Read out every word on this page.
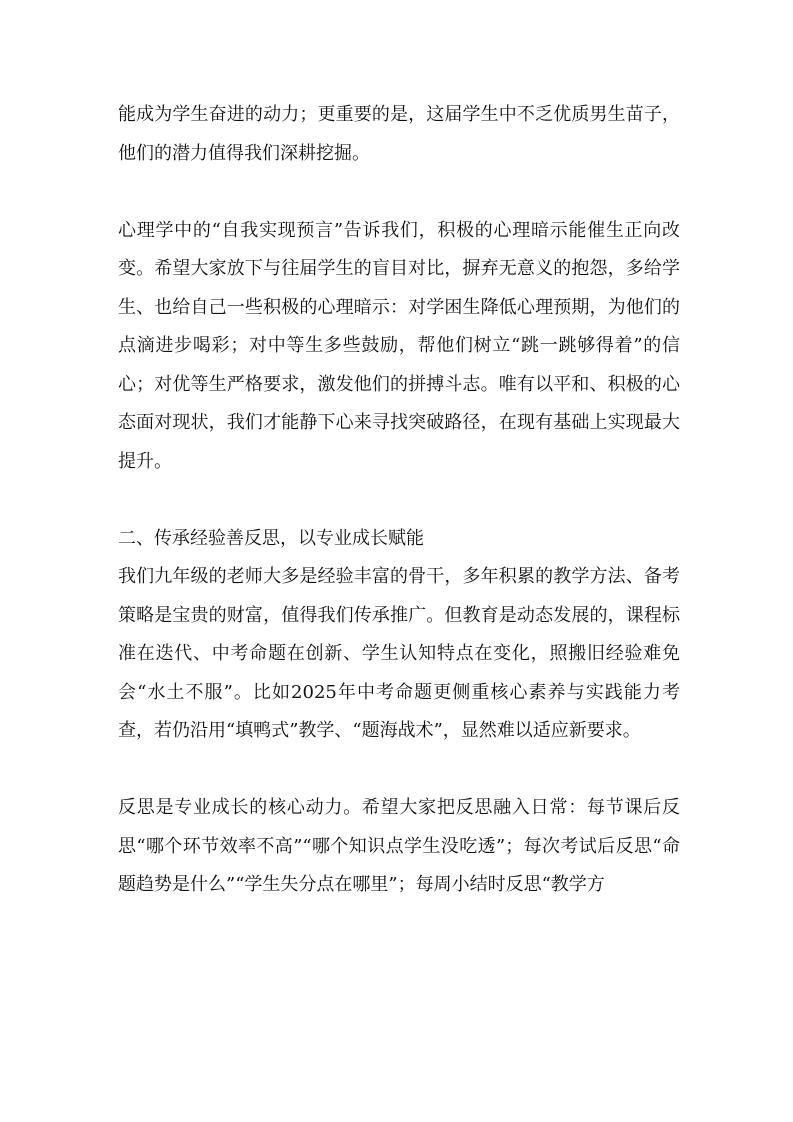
能成为学生奋进的动力；更重要的是，这届学生中不乏优质男生苗子，他们的潜力值得我们深耕挖掘。

心理学中的“自我实现预言”告诉我们，积极的心理暗示能催生正向改变。希望大家放下与往届学生的盲目对比，摒弃无意义的抱怨，多给学生、也给自己一些积极的心理暗示：对学困生降低心理预期，为他们的点滴进步喝彩；对中等生多些鼓励，帮他们树立“跳一跳够得着”的信心；对优等生严格要求，激发他们的拼搏斗志。唯有以平和、积极的心态面对现状，我们才能静下心来寻找突破路径，在现有基础上实现最大提升。

二、传承经验善反思，以专业成长赋能

我们九年级的老师大多是经验丰富的骨干，多年积累的教学方法、备考策略是宝贵的财富，值得我们传承推广。但教育是动态发展的，课程标准在迭代、中考命题在创新、学生认知特点在变化，照搬旧经验难免会“水土不服”。比如2025年中考命题更侧重核心素养与实践能力考查，若仍沿用“填鸭式”教学、“题海战术”，显然难以适应新要求。

反思是专业成长的核心动力。希望大家把反思融入日常：每节课后反思“哪个环节效率不高”“哪个知识点学生没吃透”；每次考试后反思“命题趋势是什么”“学生失分点在哪里”；每周小结时反思“教学方
